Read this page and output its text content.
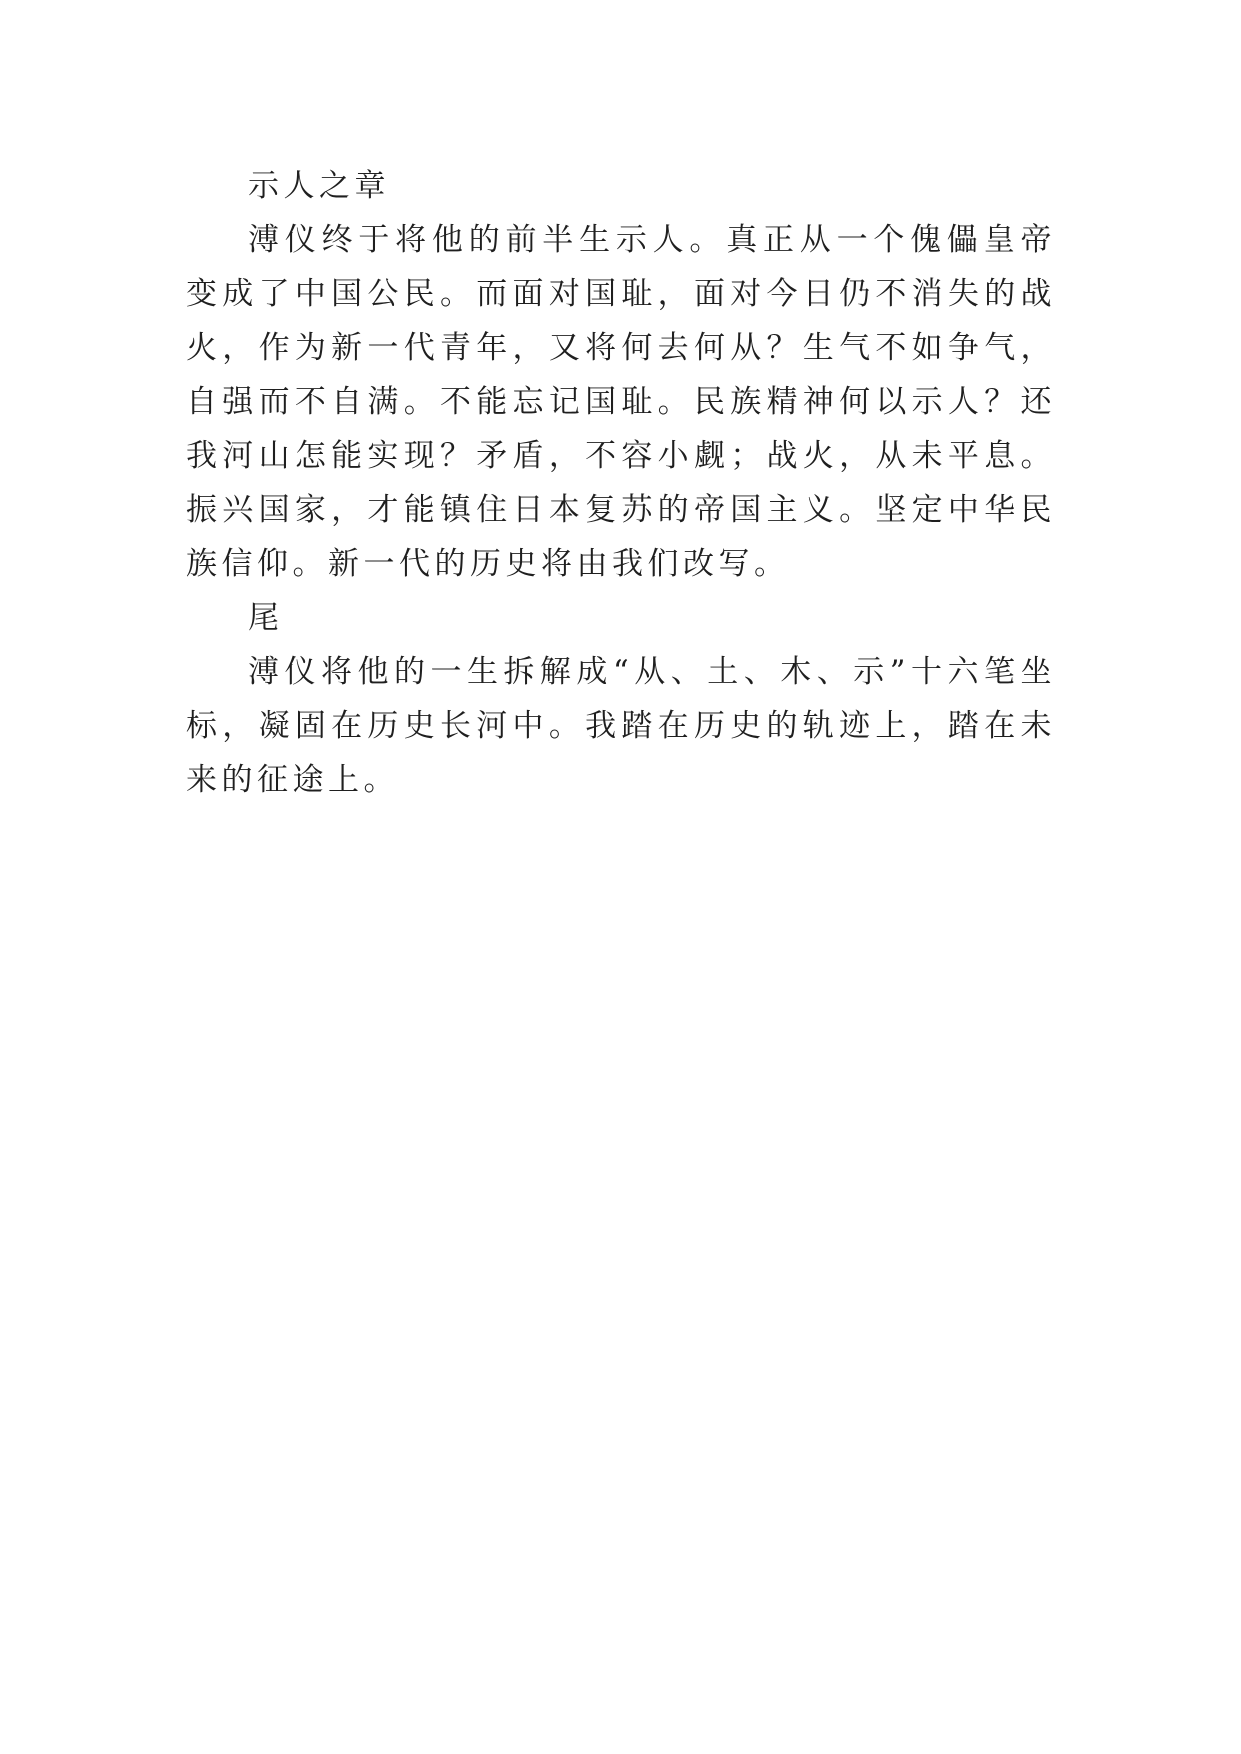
示人之章

溥仪终于将他的前半生示人。真正从一个傀儡皇帝变成了中国公民。而面对国耻，面对今日仍不消失的战火，作为新一代青年，又将何去何从？生气不如争气，自强而不自满。不能忘记国耻。民族精神何以示人？还我河山怎能实现？矛盾，不容小觑；战火，从未平息。振兴国家，才能镇住日本复苏的帝国主义。坚定中华民族信仰。新一代的历史将由我们改写。

尾

溥仪将他的一生拆解成“从、土、木、示”十六笔坐标，凝固在历史长河中。我踏在历史的轨迹上，踏在未来的征途上。
